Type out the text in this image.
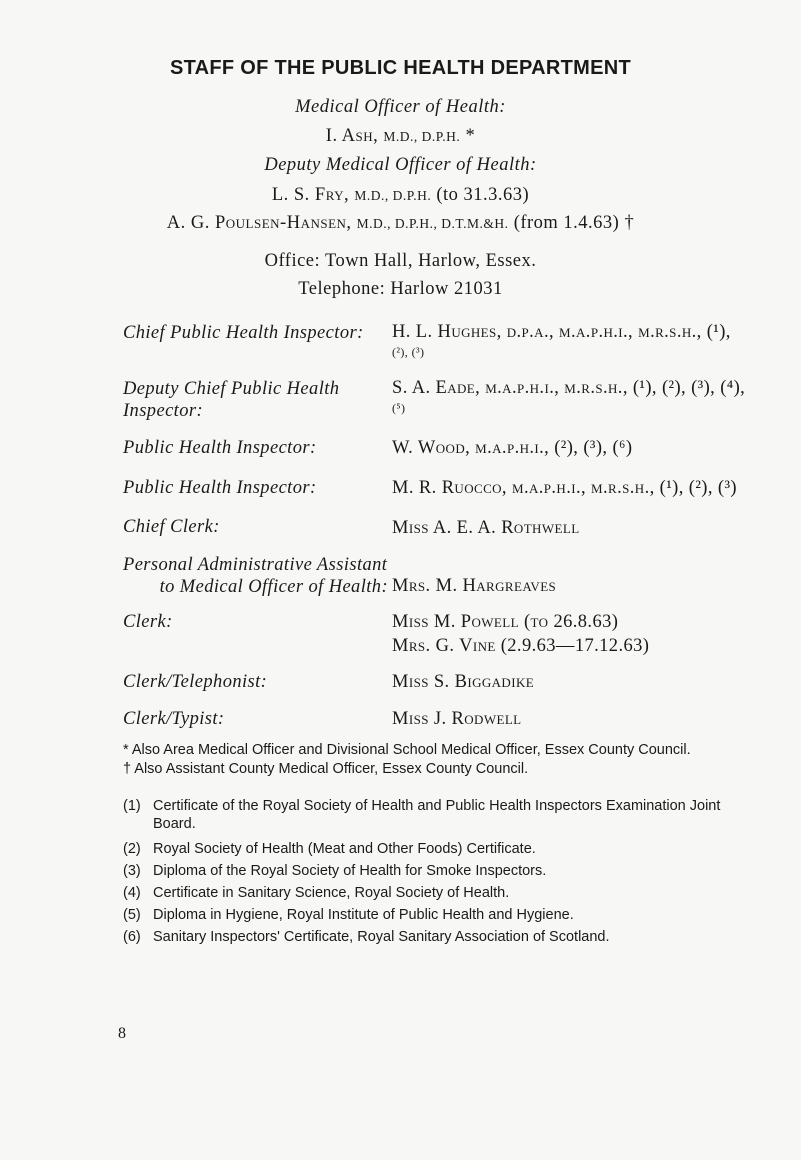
STAFF OF THE PUBLIC HEALTH DEPARTMENT
Medical Officer of Health:
I. Ash, M.D., D.P.H. *
Deputy Medical Officer of Health:
L. S. Fry, M.D., D.P.H. (to 31.3.63)
A. G. Poulsen-Hansen, M.D., D.P.H., D.T.M.&H. (from 1.4.63) †
Office: Town Hall, Harlow, Essex.
Telephone: Harlow 21031
Chief Public Health Inspector: H. L. Hughes, d.p.a., m.a.p.h.i., m.r.s.h., (¹),
(²), (³)
Deputy Chief Public Health
Inspector:
S. A. Eade, m.a.p.h.i., m.r.s.h., (¹), (²), (³), (⁴),
(⁵)
Public Health Inspector:	W. Wood, m.a.p.h.i., (²), (³), (⁶)
Public Health Inspector:	M. R. Ruocco, m.a.p.h.i., m.r.s.h., (¹), (²), (³)
Chief Clerk:	Miss A. E. A. Rothwell
Personal Administrative Assistant
to Medical Officer of Health: Mrs. M. Hargreaves
Clerk:	Miss M. Powell (to 26.8.63)
Mrs. G. Vine (2.9.63—17.12.63)
Clerk/Telephonist:	Miss S. Biggadike
Clerk/Typist:	Miss J. Rodwell
* Also Area Medical Officer and Divisional School Medical Officer, Essex County Council.
† Also Assistant County Medical Officer, Essex County Council.
(1) Certificate of the Royal Society of Health and Public Health Inspectors Examination Joint Board.
(2) Royal Society of Health (Meat and Other Foods) Certificate.
(3) Diploma of the Royal Society of Health for Smoke Inspectors.
(4) Certificate in Sanitary Science, Royal Society of Health.
(5) Diploma in Hygiene, Royal Institute of Public Health and Hygiene.
(6) Sanitary Inspectors' Certificate, Royal Sanitary Association of Scotland.
8
